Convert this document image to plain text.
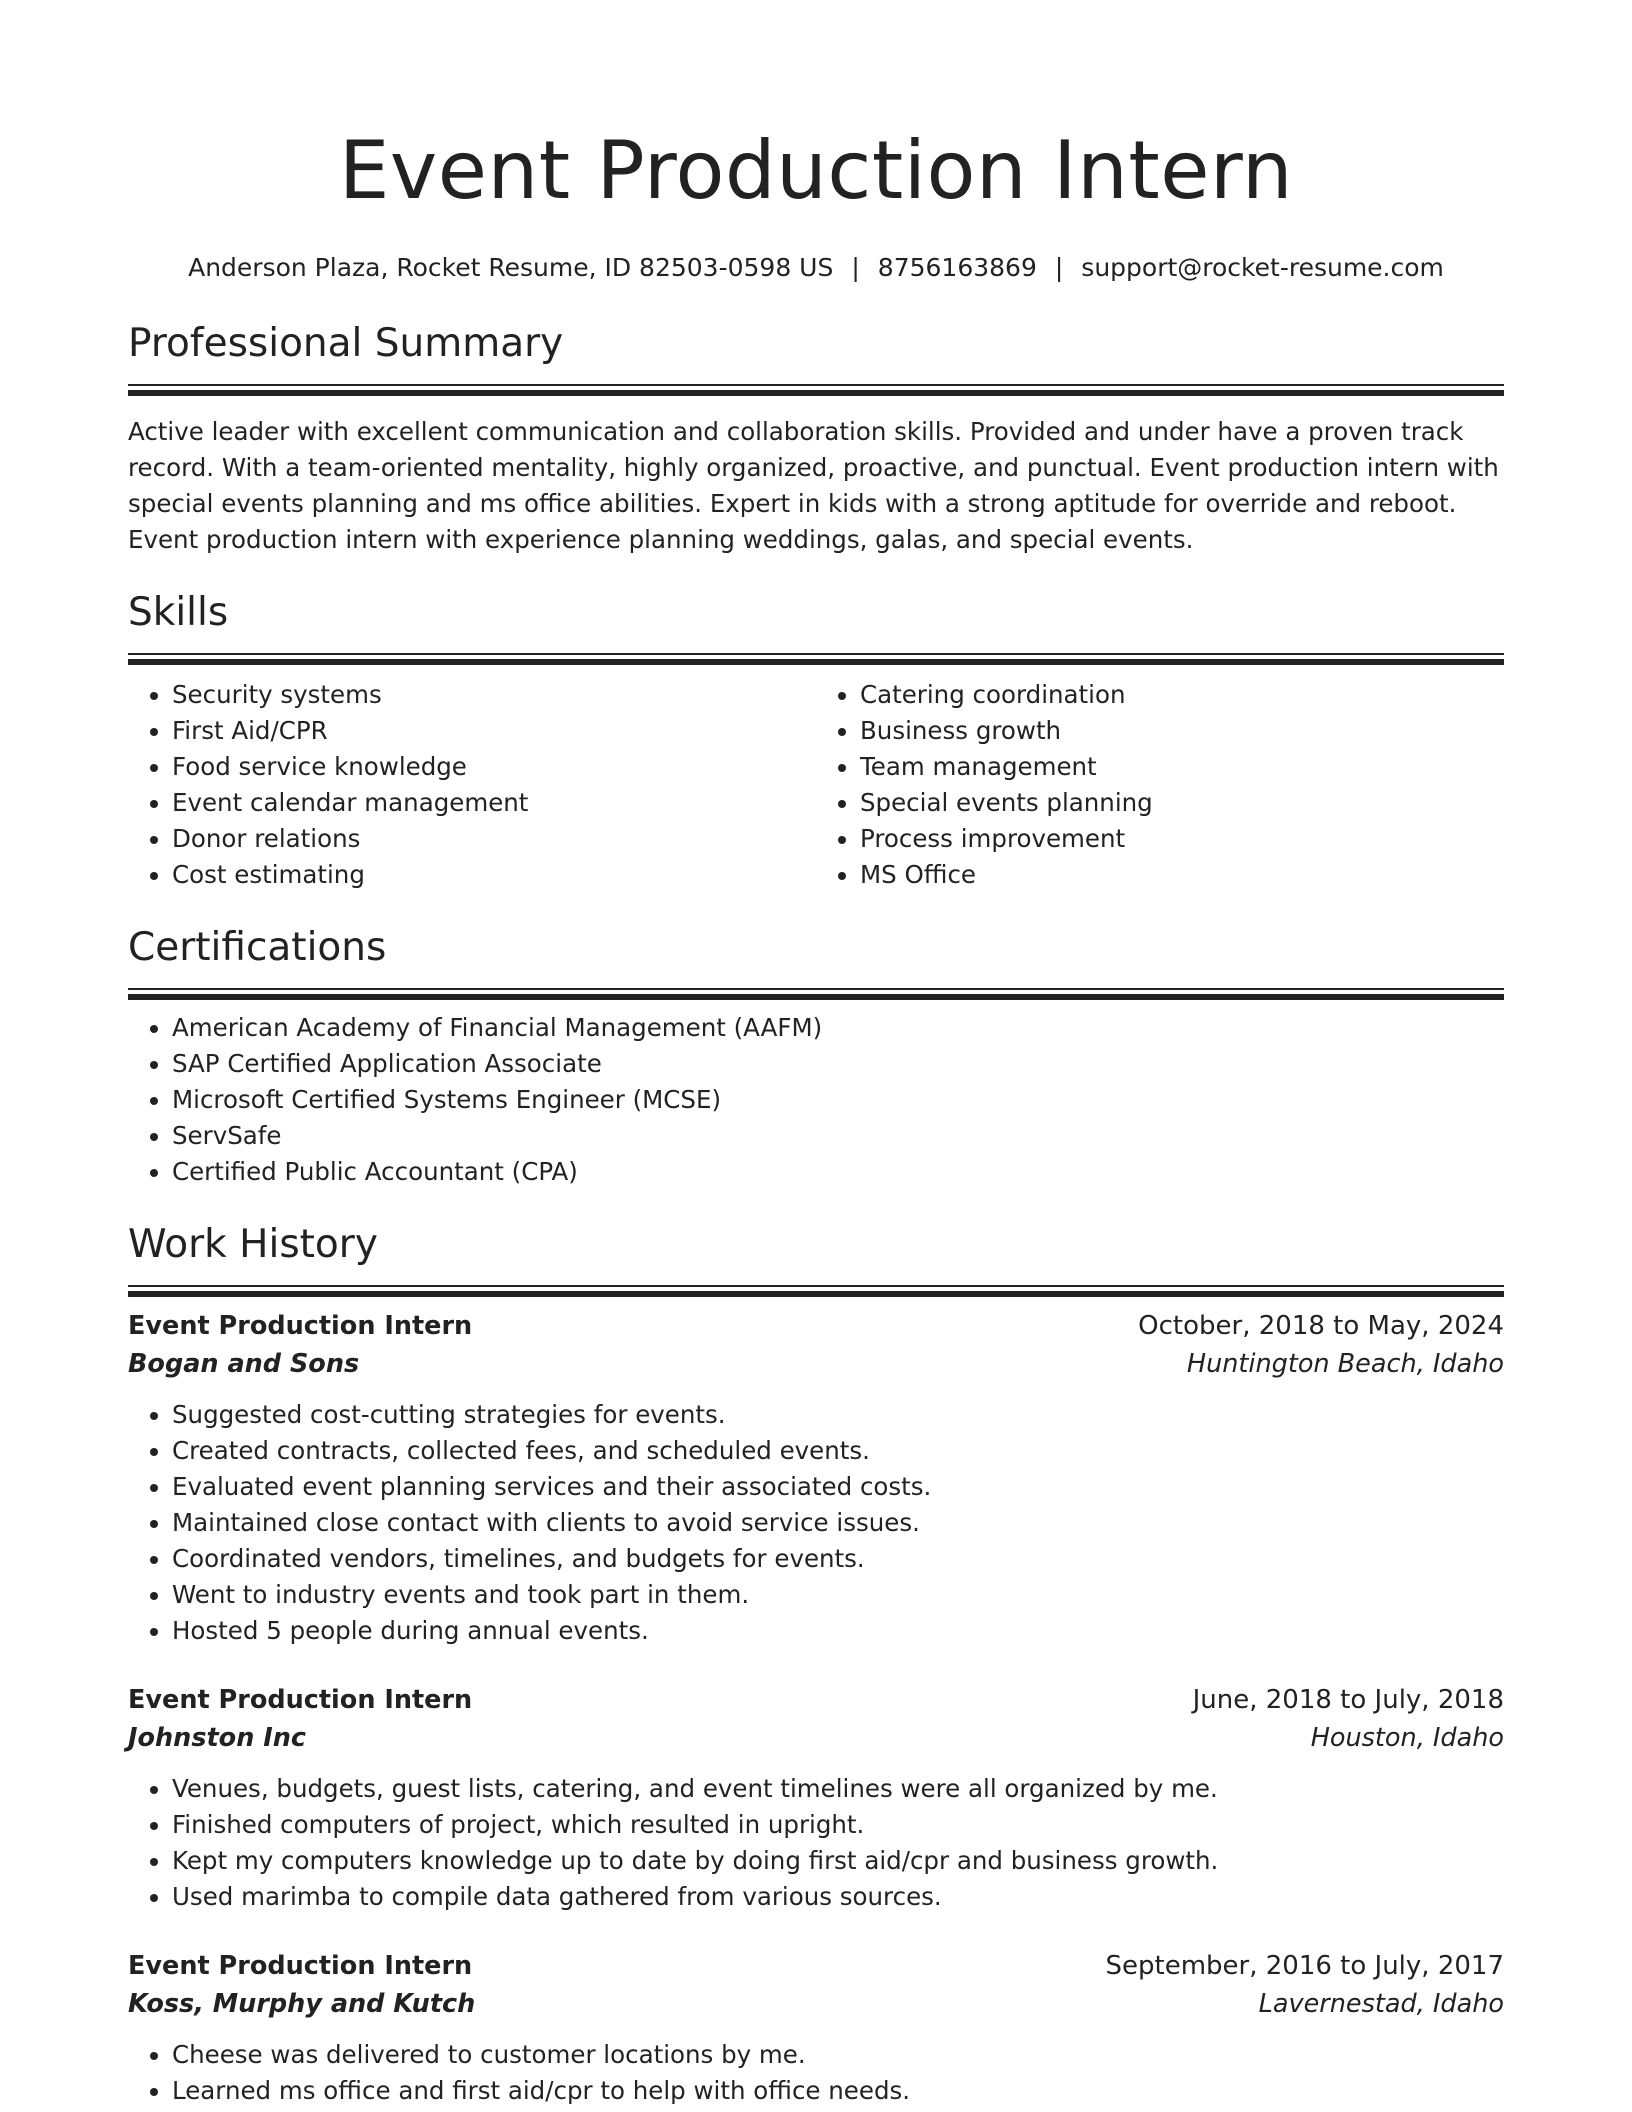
Event Production Intern
Anderson Plaza, Rocket Resume, ID 82503-0598 US | 8756163869 | support@rocket-resume.com
Professional Summary

Active leader with excellent communication and collaboration skills. Provided and under have a proven track record. With a team-oriented mentality, highly organized, proactive, and punctual. Event production intern with special events planning and ms office abilities. Expert in kids with a strong aptitude for override and reboot. Event production intern with experience planning weddings, galas, and special events.

Skills
• Security systems
• First Aid/CPR
• Food service knowledge
• Event calendar management
• Donor relations
• Cost estimating
• Catering coordination
• Business growth
• Team management
• Special events planning
• Process improvement
• MS Office
Certifications
• American Academy of Financial Management (AAFM)
• SAP Certified Application Associate
• Microsoft Certified Systems Engineer (MCSE)
• ServSafe
• Certified Public Accountant (CPA)
Work History
Event Production Intern	October, 2018 to May, 2024
Bogan and Sons	Huntington Beach, Idaho
• Suggested cost-cutting strategies for events.
• Created contracts, collected fees, and scheduled events.
• Evaluated event planning services and their associated costs.
• Maintained close contact with clients to avoid service issues.
• Coordinated vendors, timelines, and budgets for events.
• Went to industry events and took part in them.
• Hosted 5 people during annual events.
Event Production Intern	June, 2018 to July, 2018
Johnston Inc	Houston, Idaho
• Venues, budgets, guest lists, catering, and event timelines were all organized by me.
• Finished computers of project, which resulted in upright.
• Kept my computers knowledge up to date by doing first aid/cpr and business growth.
• Used marimba to compile data gathered from various sources.
Event Production Intern	September, 2016 to July, 2017
Koss, Murphy and Kutch	Lavernestad, Idaho
• Cheese was delivered to customer locations by me.
• Learned ms office and first aid/cpr to help with office needs.
